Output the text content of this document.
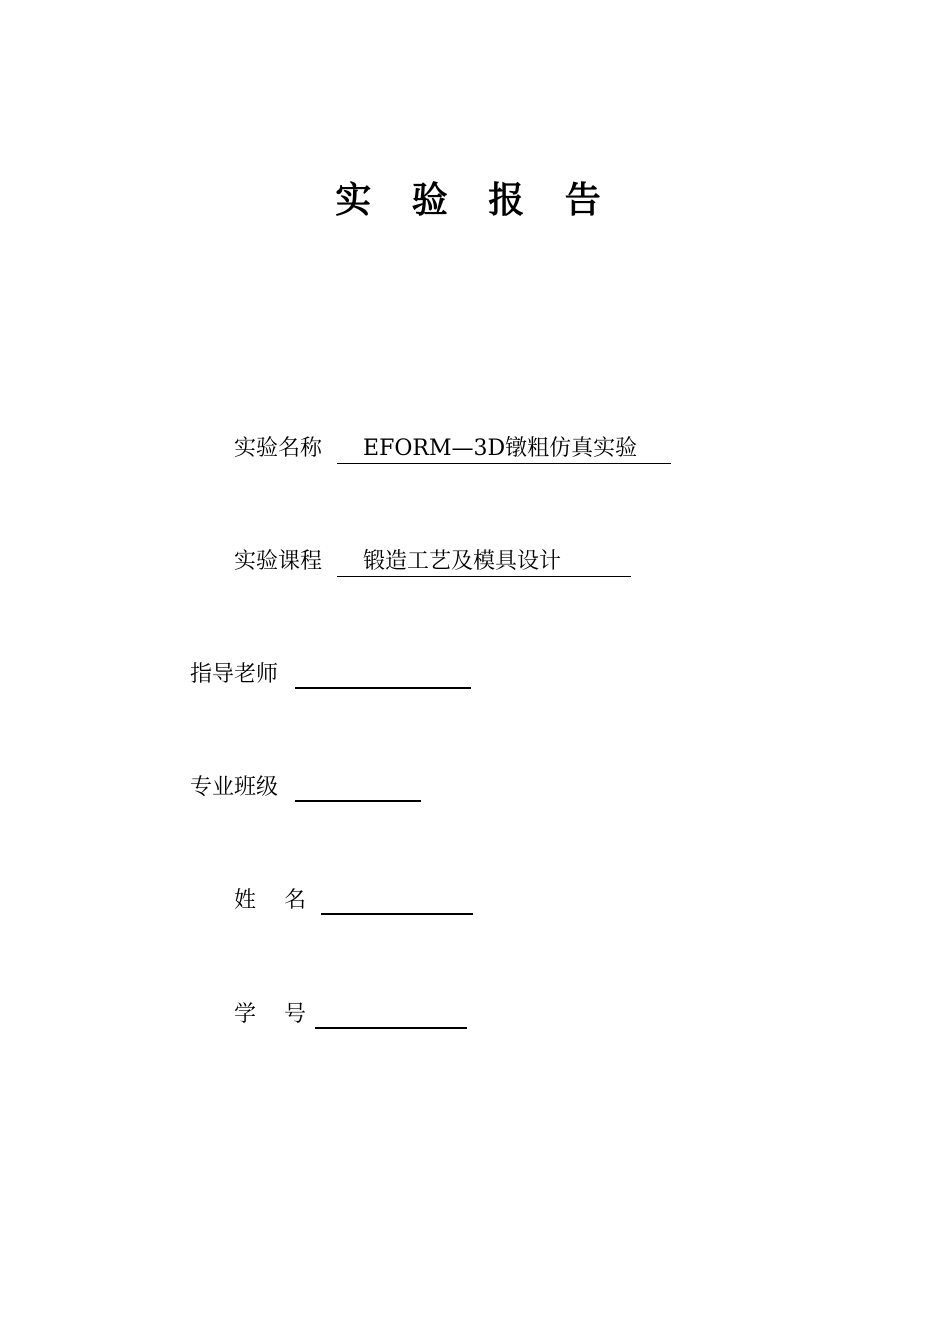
实 验 报 告
实验名称 EFORM—3D镦粗仿真实验
实验课程 锻造工艺及模具设计
指导老师
专业班级
姓    名
学    号
